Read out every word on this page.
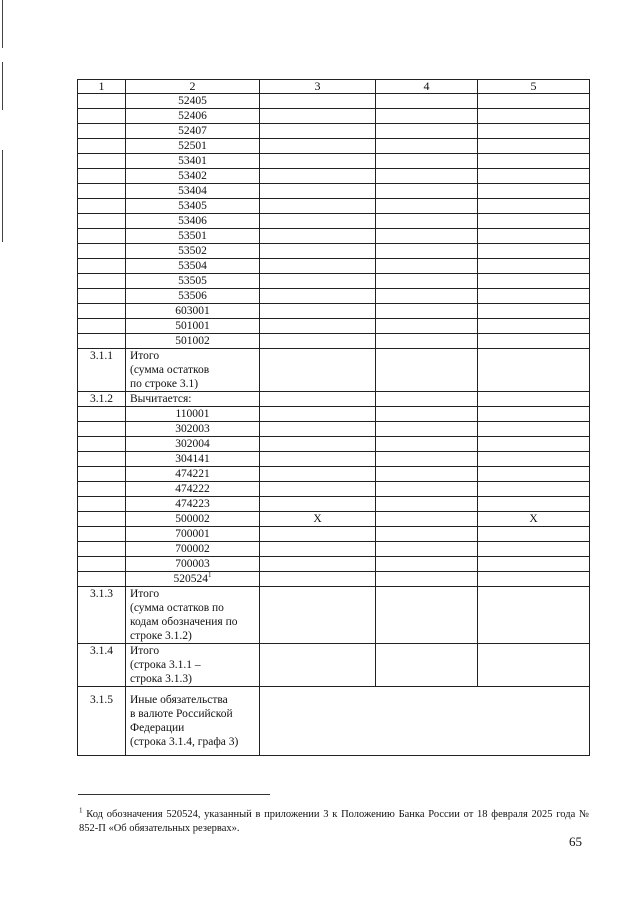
1	2	3	4	5
	52405			
	52406			
	52407			
	52501			
	53401			
	53402			
	53404			
	53405			
	53406			
	53501			
	53502			
	53504			
	53505			
	53506			
	603001			
	501001			
	501002			
3.1.1	Итого
(сумма остатков
по строке 3.1)			

3.1.2	Вычитается:			
	110001			
	302003			
	302004			
	304141			
	474221			
	474222			
	474223			
	500002	X		X
	700001			
	700002			
	700003			
	520524$^1$			
3.1.3	Итого
(сумма остатков по
кодам обозначения по
строке 3.1.2)			

3.1.4	Итого
(строка 3.1.1 –
строка 3.1.3)			

3.1.5	Иные обязательства
в валюте Российской
Федерации
(строка 3.1.4, графа 3)			

$^1$ Код обозначения 520524, указанный в приложении 3 к Положению Банка России от 18 февраля 2025 года № 852-П «Об обязательных резервах».
65
